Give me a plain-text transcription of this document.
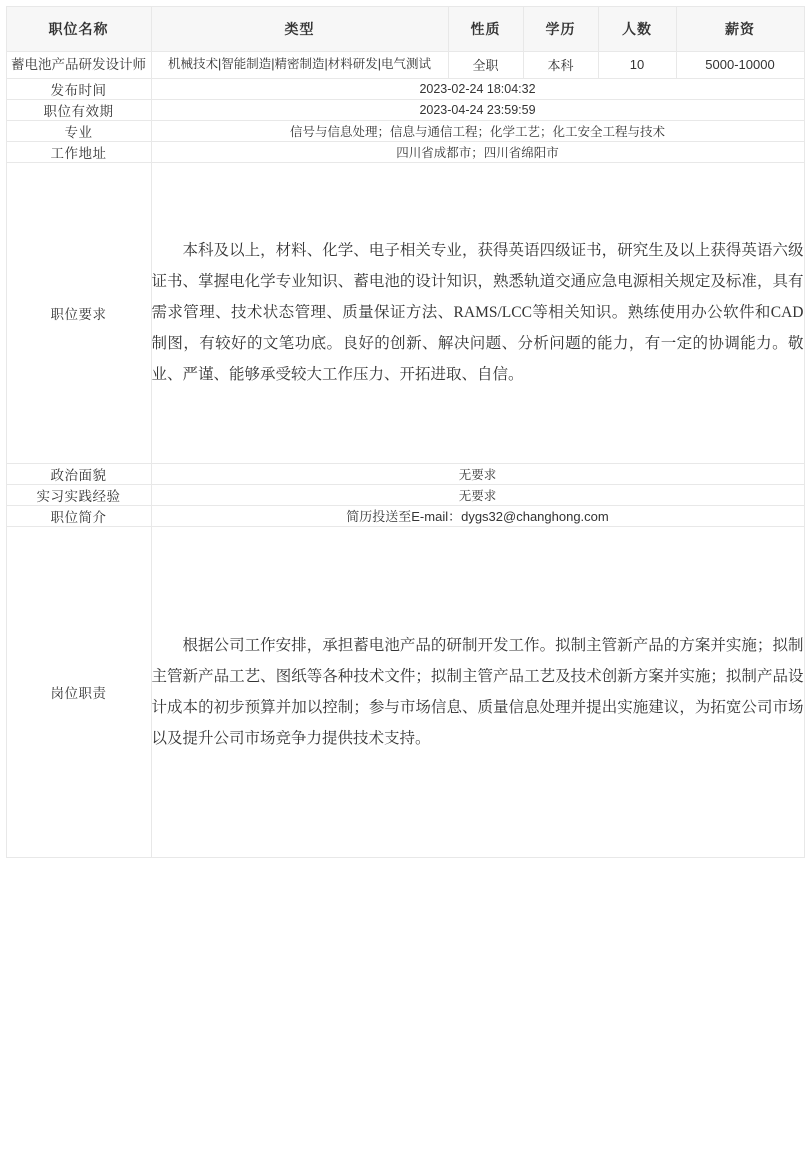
职位名称	类型	性质	学历	人数	薪资
蓄电池产品研发设计师	机械技术|智能制造|精密制造|材料研发|电气测试	全职	本科	10	5000-10000
发布时间	2023-02-24 18:04:32				
职位有效期	2023-04-24 23:59:59				
专业	信号与信息处理；信息与通信工程；化学工艺；化工安全工程与技术				
工作地址	四川省成都市；四川省绵阳市				
职位要求	本科及以上，材料、化学、电子相关专业，获得英语四级证书，研究生及以上获得英语六级证书、掌握电化学专业知识、蓄电池的设计知识，熟悉轨道交通应急电源相关规定及标准，具有需求管理、技术状态管理、质量保证方法、RAMS/LCC等相关知识。熟练使用办公软件和CAD制图，有较好的文笔功底。良好的创新、解决问题、分析问题的能力，有一定的协调能力。敬业、严谨、能够承受较大工作压力、开拓进取、自信。				
政治面貌	无要求				
实习实践经验	无要求				
职位简介	简历投送至E-mail：dygs32@changhong.com				
岗位职责	根据公司工作安排，承担蓄电池产品的研制开发工作。拟制主管新产品的方案并实施；拟制主管新产品工艺、图纸等各种技术文件；拟制主管产品工艺及技术创新方案并实施；拟制产品设计成本的初步预算并加以控制；参与市场信息、质量信息处理并提出实施建议，为拓宽公司市场以及提升公司市场竞争力提供技术支持。				
